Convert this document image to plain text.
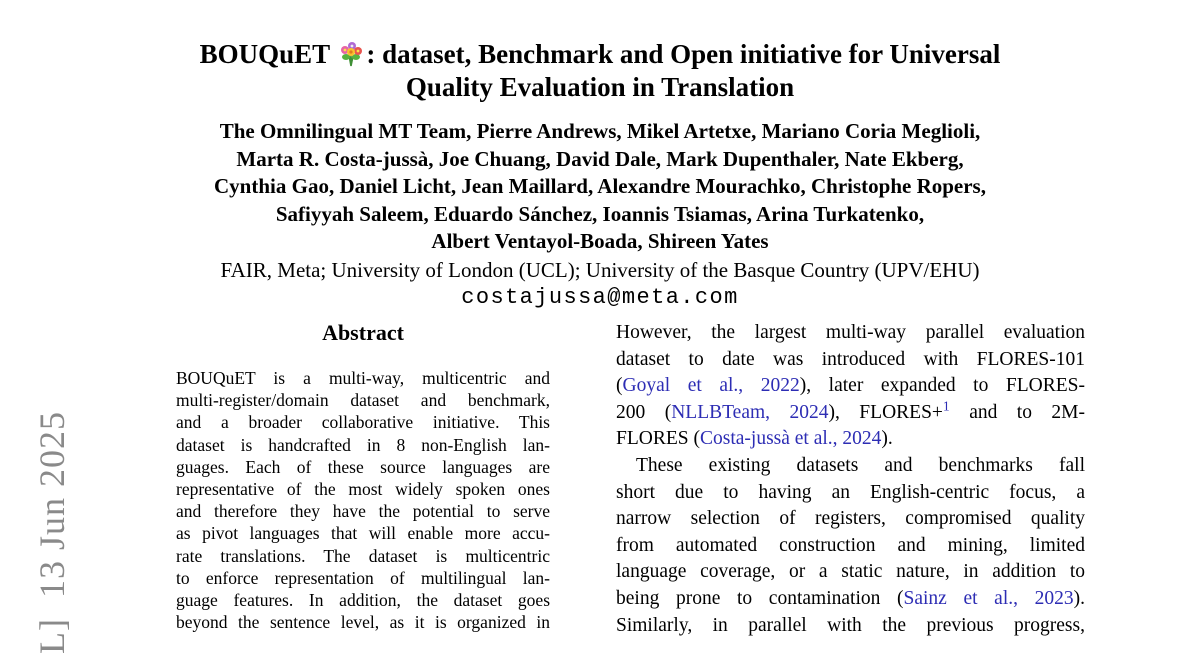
L]  13 Jun 2025
BOUQuET : dataset, Benchmark and Open initiative for Universal
Quality Evaluation in Translation
The Omnilingual MT Team, Pierre Andrews, Mikel Artetxe, Mariano Coria Meglioli,
Marta R. Costa-jussà, Joe Chuang, David Dale, Mark Dupenthaler, Nate Ekberg,
Cynthia Gao, Daniel Licht, Jean Maillard, Alexandre Mourachko, Christophe Ropers,
Safiyyah Saleem, Eduardo Sánchez, Ioannis Tsiamas, Arina Turkatenko,
Albert Ventayol-Boada, Shireen Yates
FAIR, Meta; University of London (UCL); University of the Basque Country (UPV/EHU)
costajussa@meta.com
Abstract
BOUQuET is a multi-way, multicentric and
multi-register/domain dataset and benchmark,
and a broader collaborative initiative. This
dataset is handcrafted in 8 non-English lan-
guages. Each of these source languages are
representative of the most widely spoken ones
and therefore they have the potential to serve
as pivot languages that will enable more accu-
rate translations. The dataset is multicentric
to enforce representation of multilingual lan-
guage features. In addition, the dataset goes
beyond the sentence level, as it is organized in
However, the largest multi-way parallel evaluation
dataset to date was introduced with FLORES-101
(Goyal et al., 2022), later expanded to FLORES-
200 (NLLBTeam, 2024), FLORES+$^1$ and to 2M-
FLORES (Costa-jussà et al., 2024).
These existing datasets and benchmarks fall
short due to having an English-centric focus, a
narrow selection of registers, compromised quality
from automated construction and mining, limited
language coverage, or a static nature, in addition to
being prone to contamination (Sainz et al., 2023).
Similarly, in parallel with the previous progress,
